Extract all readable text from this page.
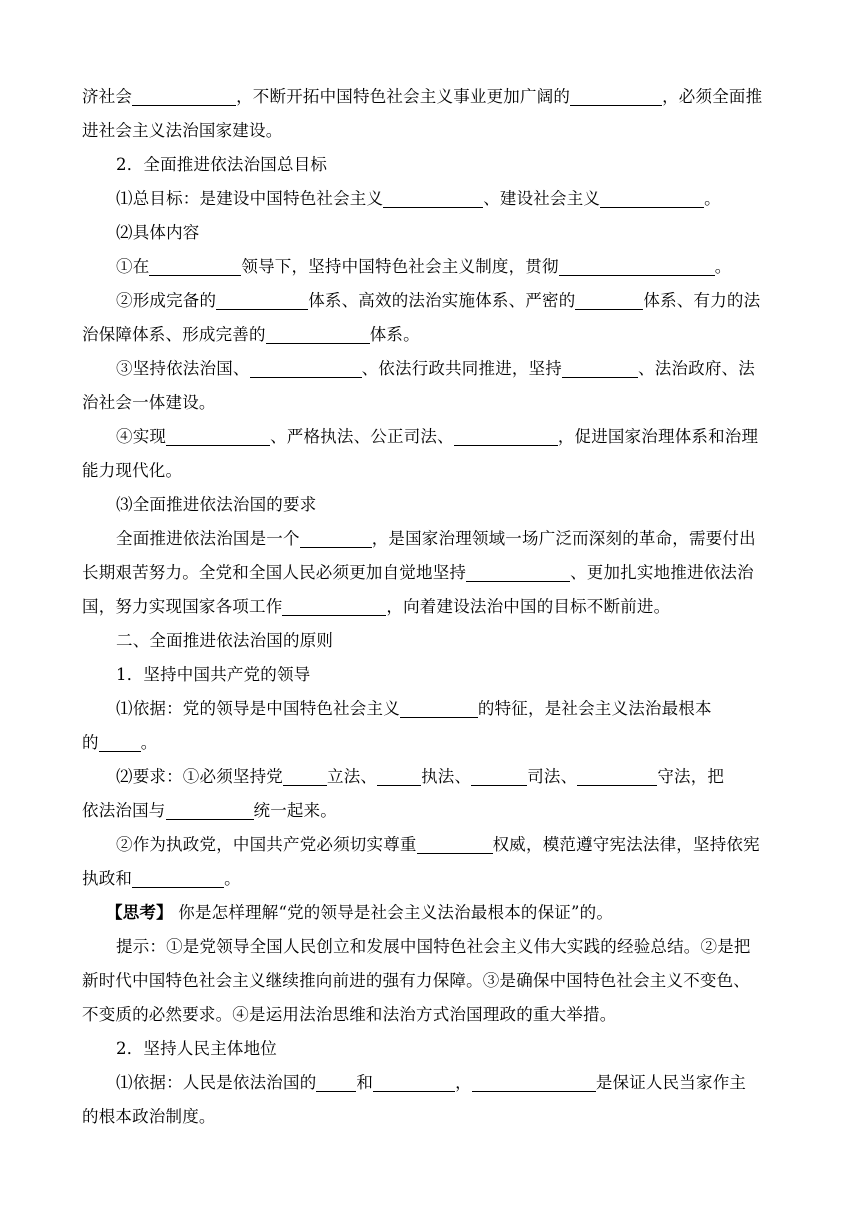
济社会	，不断开拓中国特色社会主义事业更加广阔的	，必须全面推
进社会主义法治国家建设。
2．全面推进依法治国总目标
⑴总目标：是建设中国特色社会主义	、建设社会主义	。
⑵具体内容
①在	领导下，坚持中国特色社会主义制度，贯彻	。
②形成完备的	体系、高效的法治实施体系、严密的	体系、有力的法
治保障体系、形成完善的	体系。
③坚持依法治国、	、依法行政共同推进，坚持	、法治政府、法
治社会一体建设。
④实现	、严格执法、公正司法、	，促进国家治理体系和治理
能力现代化。
⑶全面推进依法治国的要求
全面推进依法治国是一个	，是国家治理领域一场广泛而深刻的革命，需要付出
长期艰苦努力。全党和全国人民必须更加自觉地坚持	、更加扎实地推进依法治
国，努力实现国家各项工作	，向着建设法治中国的目标不断前进。
二、全面推进依法治国的原则
1．坚持中国共产党的领导
⑴依据：党的领导是中国特色社会主义	的特征，是社会主义法治最根本
的	。
⑵要求：①必须坚持党	立法、	执法、	司法、	守法，把
依法治国与	统一起来。
②作为执政党，中国共产党必须切实尊重	权威，模范遵守宪法法律，坚持依宪
执政和	。
【思考】 你是怎样理解“党的领导是社会主义法治最根本的保证”的。
提示：①是党领导全国人民创立和发展中国特色社会主义伟大实践的经验总结。②是把
新时代中国特色社会主义继续推向前进的强有力保障。③是确保中国特色社会主义不变色、
不变质的必然要求。④是运用法治思维和法治方式治国理政的重大举措。
2．坚持人民主体地位
⑴依据：人民是依法治国的 和	，	是保证人民当家作主
的根本政治制度。
